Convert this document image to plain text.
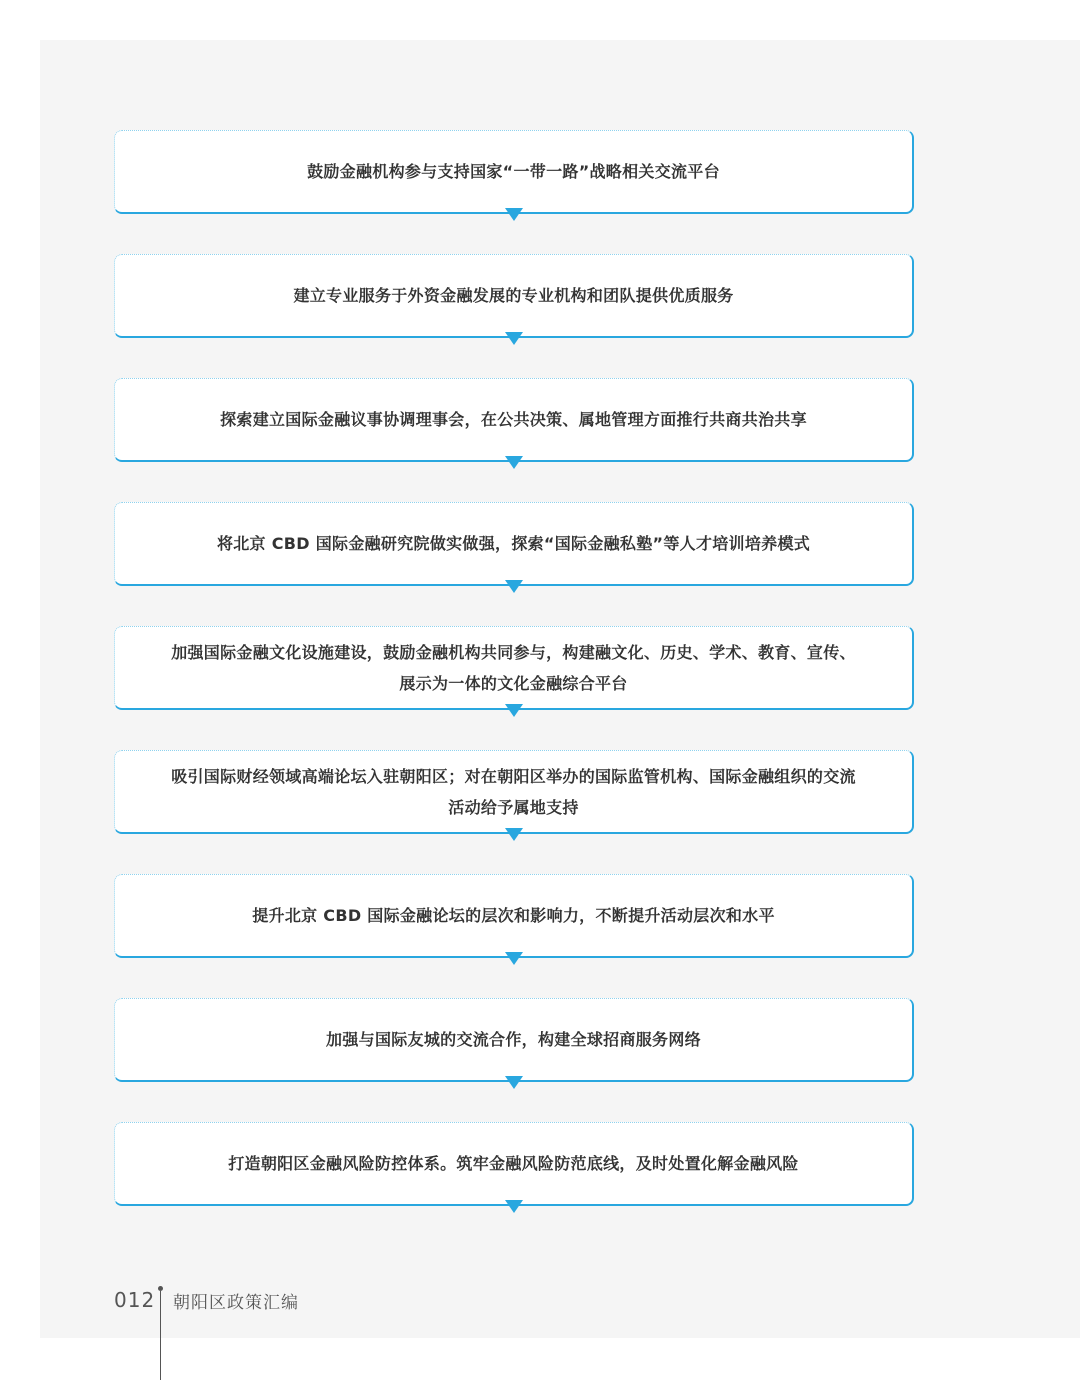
鼓励金融机构参与支持国家“一带一路”战略相关交流平台
建立专业服务于外资金融发展的专业机构和团队提供优质服务
探索建立国际金融议事协调理事会，在公共决策、属地管理方面推行共商共治共享
将北京 CBD 国际金融研究院做实做强，探索“国际金融私塾”等人才培训培养模式
加强国际金融文化设施建设，鼓励金融机构共同参与，构建融文化、历史、学术、教育、宣传、展示为一体的文化金融综合平台
吸引国际财经领域高端论坛入驻朝阳区；对在朝阳区举办的国际监管机构、国际金融组织的交流活动给予属地支持
提升北京 CBD 国际金融论坛的层次和影响力，不断提升活动层次和水平
加强与国际友城的交流合作，构建全球招商服务网络
打造朝阳区金融风险防控体系。筑牢金融风险防范底线，及时处置化解金融风险
012 朝阳区政策汇编
